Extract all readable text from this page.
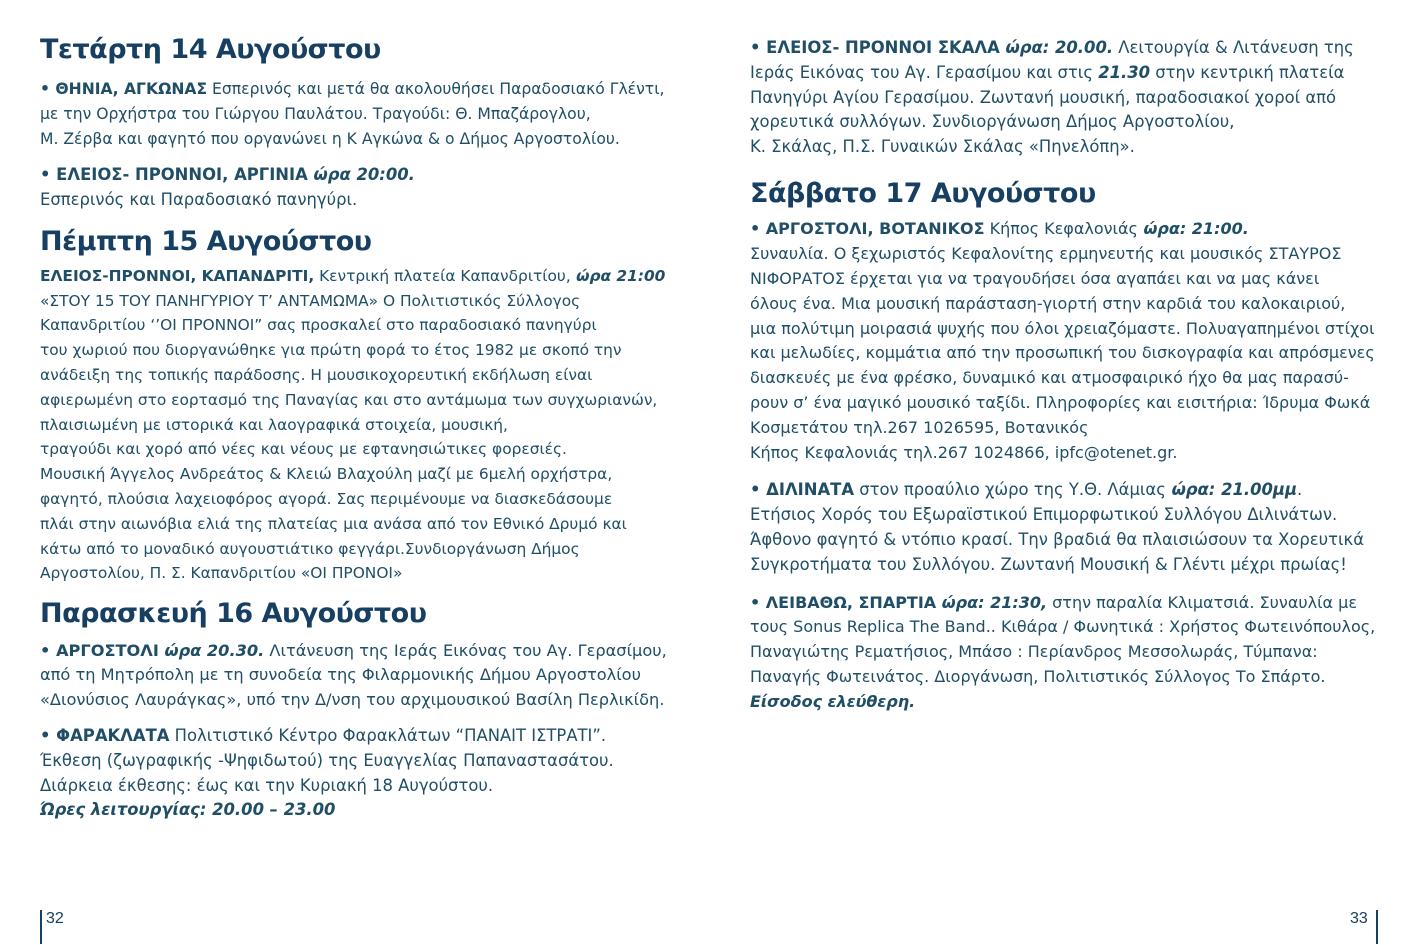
Τετάρτη 14 Αυγούστου

• ΘΗΝΙΑ, ΑΓΚΩΝΑΣ Εσπερινός και μετά θα ακολουθήσει Παραδοσιακό Γλέντι,
με την Ορχήστρα του Γιώργου Παυλάτου. Τραγούδι: Θ. Μπαζάρογλου,
Μ. Ζέρβα και φαγητό που οργανώνει η Κ Αγκώνα & ο Δήμος Αργοστολίου.

• ΕΛΕΙΟΣ- ΠΡΟΝΝΟΙ, ΑΡΓΙΝΙΑ ώρα 20:00.
Εσπερινός και Παραδοσιακό πανηγύρι.

Πέμπτη 15 Αυγούστου

ΕΛΕΙΟΣ-ΠΡΟΝΝΟΙ, ΚΑΠΑΝΔΡΙΤΙ, Κεντρική πλατεία Καπανδριτίου, ώρα 21:00
«ΣΤΟΥ 15 ΤΟΥ ΠΑΝΗΓΥΡΙΟΥ Τ’ ΑΝΤΑΜΩΜΑ» Ο Πολιτιστικός Σύλλογος
Καπανδριτίου ‘’ΟΙ ΠΡΟΝΝΟΙ” σας προσκαλεί στο παραδοσιακό πανηγύρι
του χωριού που διοργανώθηκε για πρώτη φορά το έτος 1982 με σκοπό την
ανάδειξη της τοπικής παράδοσης. Η μουσικοχορευτική εκδήλωση είναι
αφιερωμένη στο εορτασμό της Παναγίας και στο αντάμωμα των συγχωριανών,
πλαισιωμένη με ιστορικά και λαογραφικά στοιχεία, μουσική,
τραγούδι και χορό από νέες και νέους με εφτανησιώτικες φορεσιές.
Μουσική Άγγελος Ανδρεάτος & Κλειώ Βλαχούλη μαζί με 6μελή ορχήστρα,
φαγητό, πλούσια λαχειοφόρος αγορά. Σας περιμένουμε να διασκεδάσουμε
πλάι στην αιωνόβια ελιά της πλατείας μια ανάσα από τον Εθνικό Δρυμό και
κάτω από το μοναδικό αυγουστιάτικο φεγγάρι.Συνδιοργάνωση Δήμος
Αργοστολίου, Π. Σ. Καπανδριτίου «ΟΙ ΠΡΟΝΟΙ»

Παρασκευή 16 Αυγούστου

• ΑΡΓΟΣΤΟΛΙ ώρα 20.30. Λιτάνευση της Ιεράς Εικόνας του Αγ. Γερασίμου,
από τη Μητρόπολη με τη συνοδεία της Φιλαρμονικής Δήμου Αργοστολίου
«Διονύσιος Λαυράγκας», υπό την Δ/νση του αρχιμουσικού Βασίλη Περλικίδη.

• ΦΑΡΑΚΛΑΤΑ Πολιτιστικό Κέντρο Φαρακλάτων “ΠΑΝΑΙΤ ΙΣΤΡΑΤΙ”.
Έκθεση (ζωγραφικής -Ψηφιδωτού) της Ευαγγελίας Παπαναστασάτου.
Διάρκεια έκθεσης: έως και την Κυριακή 18 Αυγούστου.
Ώρες λειτουργίας: 20.00 – 23.00

32

• ΕΛΕΙΟΣ- ΠΡΟΝΝΟΙ ΣΚΑΛΑ ώρα: 20.00. Λειτουργία & Λιτάνευση της
Ιεράς Εικόνας του Αγ. Γερασίμου και στις 21.30 στην κεντρική πλατεία
Πανηγύρι Αγίου Γερασίμου. Ζωντανή μουσική, παραδοσιακοί χοροί από
χορευτικά συλλόγων. Συνδιοργάνωση Δήμος Αργοστολίου,
Κ. Σκάλας, Π.Σ. Γυναικών Σκάλας «Πηνελόπη».

Σάββατο 17 Αυγούστου

• ΑΡΓΟΣΤΟΛΙ, ΒΟΤΑΝΙΚΟΣ Κήπος Κεφαλονιάς ώρα: 21:00.
Συναυλία. Ο ξεχωριστός Κεφαλονίτης ερμηνευτής και μουσικός ΣΤΑΥΡΟΣ
ΝΙΦΟΡΑΤΟΣ έρχεται για να τραγουδήσει όσα αγαπάει και να μας κάνει
όλους ένα. Μια μουσική παράσταση-γιορτή στην καρδιά του καλοκαιριού,
μια πολύτιμη μοιρασιά ψυχής που όλοι χρειαζόμαστε. Πολυαγαπημένοι στίχοι
και μελωδίες, κομμάτια από την προσωπική του δισκογραφία και απρόσμενες
διασκευές με ένα φρέσκο, δυναμικό και ατμοσφαιρικό ήχο θα μας παρασύ-
ρουν σ’ ένα μαγικό μουσικό ταξίδι. Πληροφορίες και εισιτήρια: Ίδρυμα Φωκά
Κοσμετάτου τηλ.267 1026595, Βοτανικός
Κήπος Κεφαλονιάς τηλ.267 1024866, ipfc@otenet.gr.

• ΔΙΛΙΝΑΤΑ στον προαύλιο χώρο της Υ.Θ. Λάμιας ώρα: 21.00μμ.
Ετήσιος Χορός του Εξωραϊστικού Επιμορφωτικού Συλλόγου Διλινάτων.
Άφθονο φαγητό & ντόπιο κρασί. Την βραδιά θα πλαισιώσουν τα Χορευτικά
Συγκροτήματα του Συλλόγου. Ζωντανή Μουσική & Γλέντι μέχρι πρωίας!

• ΛΕΙΒΑΘΩ, ΣΠΑΡΤΙΑ ώρα: 21:30, στην παραλία Κλιματσιά. Συναυλία με
τους Sonus Replica The Band.. Κιθάρα / Φωνητικά : Χρήστος Φωτεινόπουλος,
Παναγιώτης Ρεματήσιος, Μπάσο : Περίανδρος Μεσσολωράς, Τύμπανα:
Παναγής Φωτεινάτος. Διοργάνωση, Πολιτιστικός Σύλλογος Το Σπάρτο.
Είσοδος ελεύθερη.

33
